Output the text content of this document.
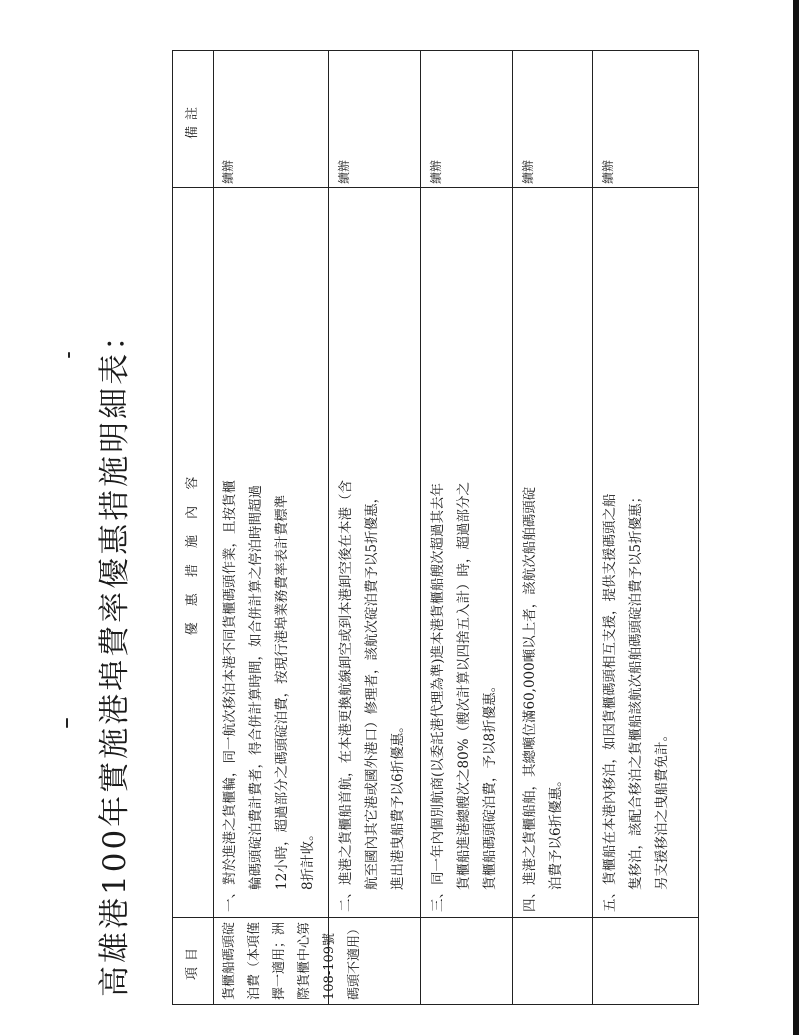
高雄港100年實施港埠費率優惠措施明細表：	項目
優 惠 措 施 內 容
備註
貨櫃船碼頭碇泊費（本項僅擇一適用；洲際貨櫃中心第108-109號碼頭不適用）
一、對於進港之貨櫃輪，同一航次移泊本港不同貨櫃碼頭作業，且按貨櫃 輪碼頭碇泊費計費者，得合併計算時間，如合併計算之停泊時間超過 12小時，超過部分之碼頭碇泊費，按現行港埠業務費率表計費標準 8折計收。
續辦
二、進港之貨櫃船首航，在本港更換航線卸空或到本港卸空後在本港（含 航至國內其它港或國外港口）修理者，該航次碇泊費予以5折優惠， 進出港曳船費予以6折優惠。
續辦
三、同一年內個別航商(以委託港代理為準)進本港貨櫃船艘次超過其去年 貨櫃船進港總艘次之80%（艘次計算以四捨五入計）時，超過部分之 貨櫃船碼頭碇泊費，予以8折優惠。
續辦
四、進港之貨櫃船舶，其總噸位滿60,000噸以上者，該航次船舶碼頭碇 泊費予以6折優惠。
續辦
五、貨櫃船在本港內移泊，如因貨櫃碼頭相互支援，提供支援碼頭之船 隻移泊，該配合移泊之貨櫃船該航次船舶碼頭碇泊費予以5折優惠； 另支援移泊之曳船費免計。
續辦
